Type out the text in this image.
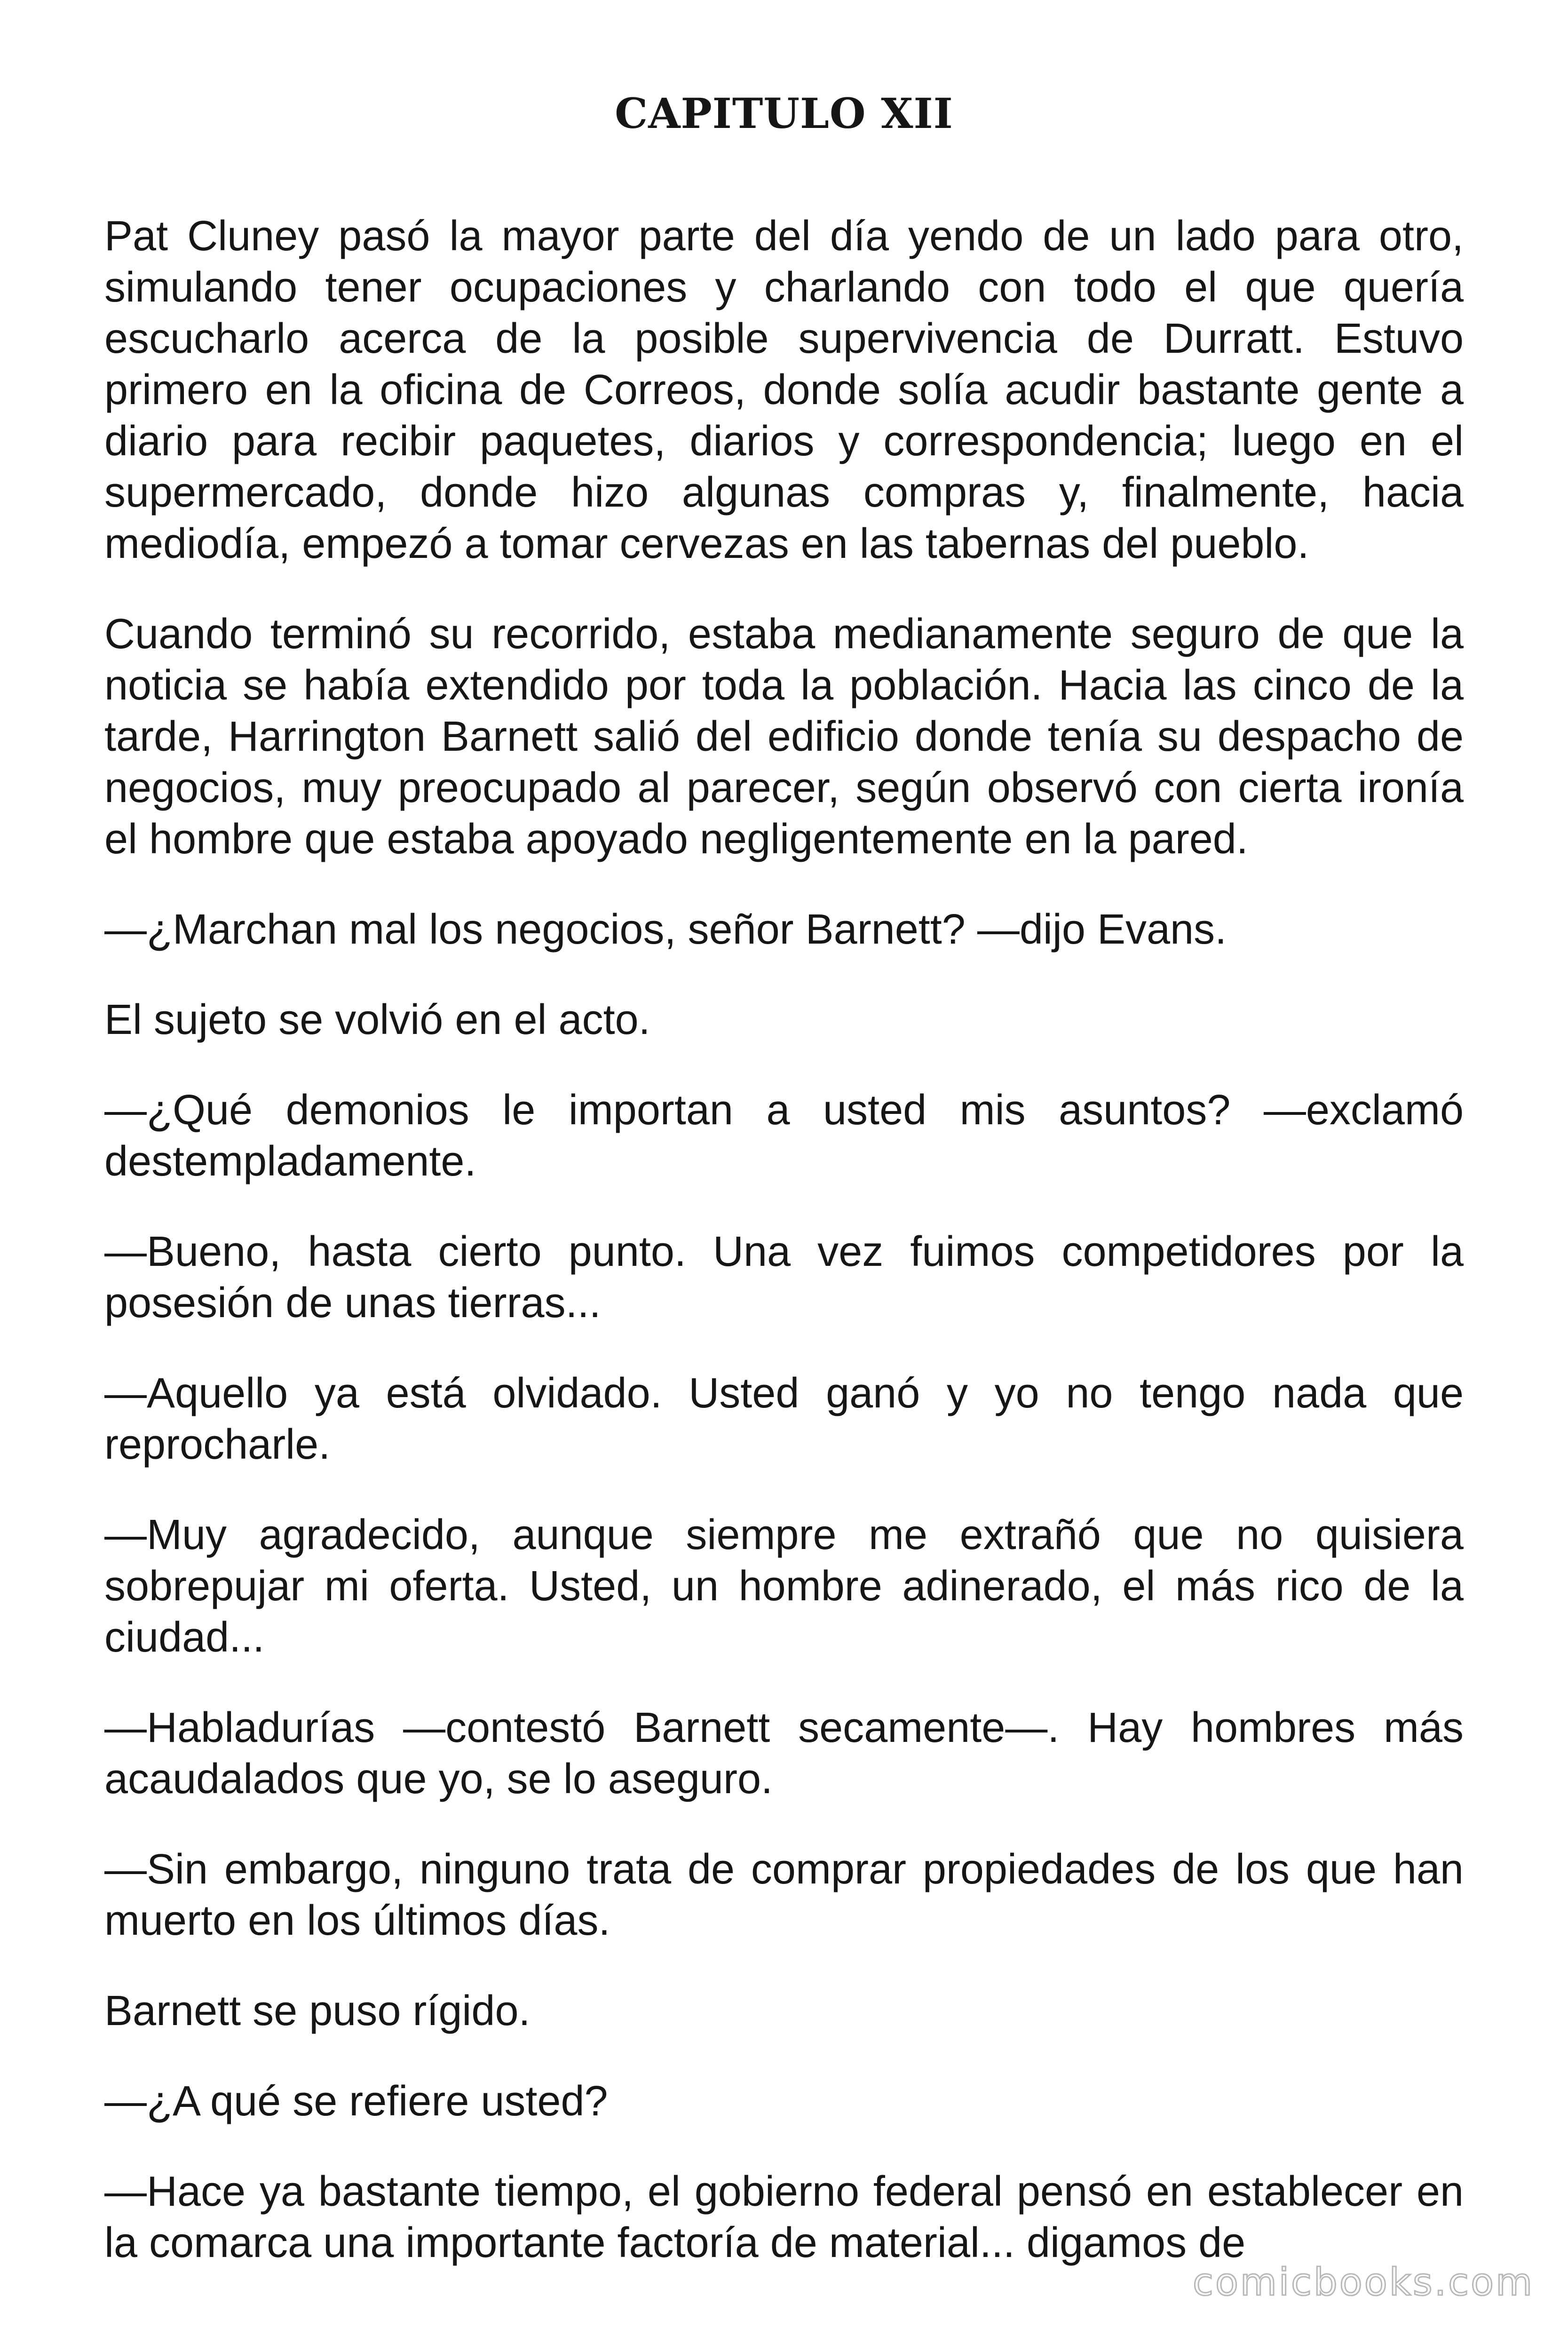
CAPITULO XII

Pat Cluney pasó la mayor parte del día yendo de un lado para otro, simulando tener ocupaciones y charlando con todo el que quería escucharlo acerca de la posible supervivencia de Durratt. Estuvo primero en la oficina de Correos, donde solía acudir bastante gente a diario para recibir paquetes, diarios y correspondencia; luego en el supermercado, donde hizo algunas compras y, finalmente, hacia mediodía, empezó a tomar cervezas en las tabernas del pueblo.

Cuando terminó su recorrido, estaba medianamente seguro de que la noticia se había extendido por toda la población. Hacia las cinco de la tarde, Harrington Barnett salió del edificio donde tenía su despacho de negocios, muy preocupado al parecer, según observó con cierta ironía el hombre que estaba apoyado negligentemente en la pared.

—¿Marchan mal los negocios, señor Barnett? —dijo Evans.

El sujeto se volvió en el acto.

—¿Qué demonios le importan a usted mis asuntos? —exclamó destempladamente.

—Bueno, hasta cierto punto. Una vez fuimos competidores por la posesión de unas tierras...

—Aquello ya está olvidado. Usted ganó y yo no tengo nada que reprocharle.

—Muy agradecido, aunque siempre me extrañó que no quisiera sobrepujar mi oferta. Usted, un hombre adinerado, el más rico de la ciudad...

—Habladurías —contestó Barnett secamente—. Hay hombres más acaudalados que yo, se lo aseguro.

—Sin embargo, ninguno trata de comprar propiedades de los que han muerto en los últimos días.

Barnett se puso rígido.

—¿A qué se refiere usted?

—Hace ya bastante tiempo, el gobierno federal pensó en establecer en la comarca una importante factoría de material... digamos de

comicbooks.com
